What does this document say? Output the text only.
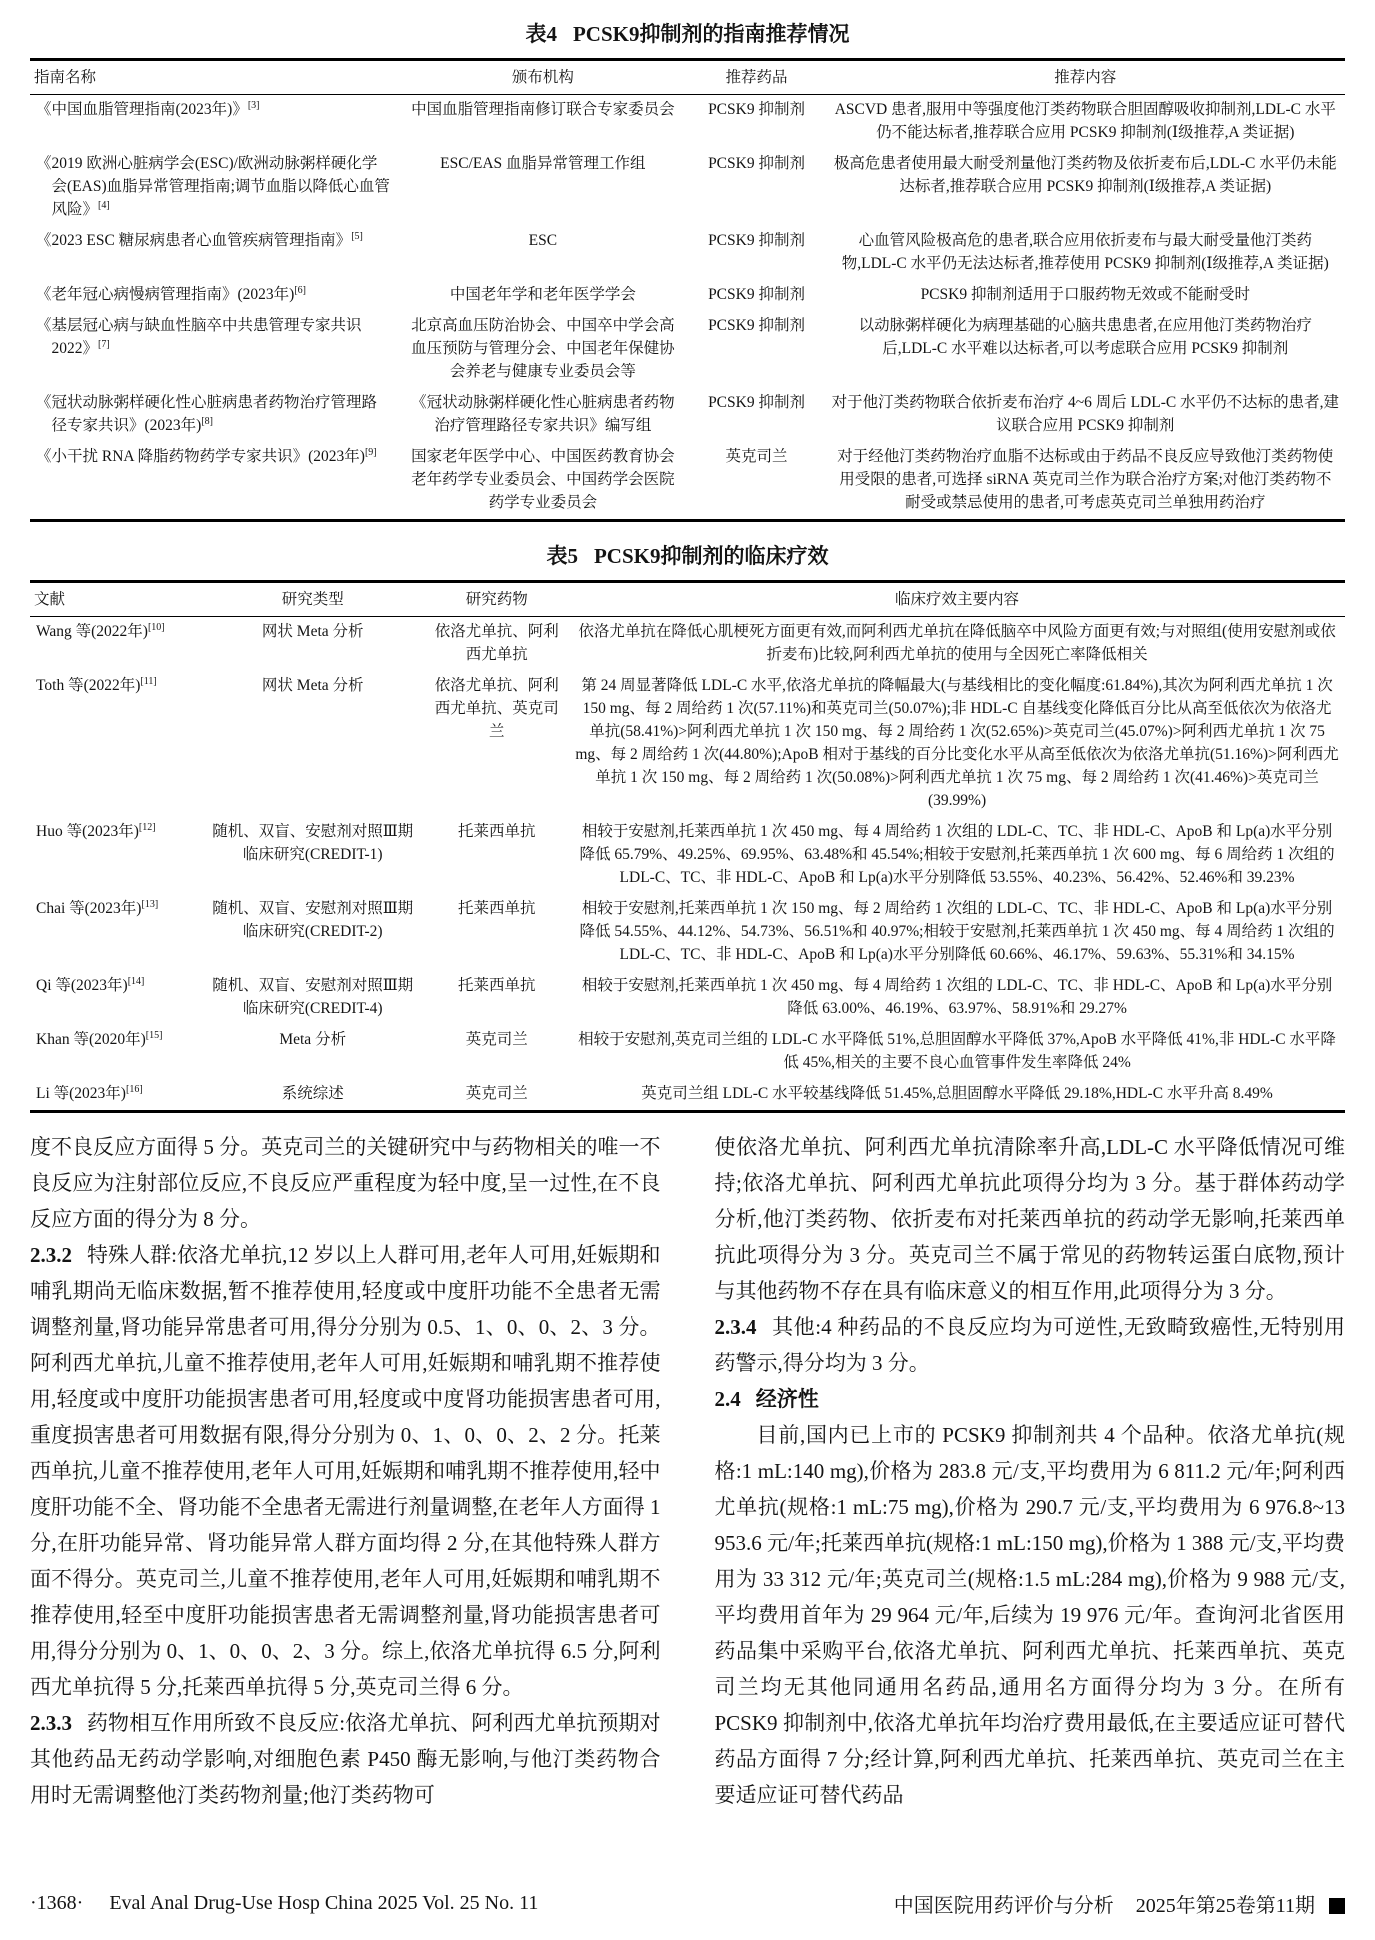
表4 PCSK9抑制剂的指南推荐情况
指南名称	颁布机构	推荐药品	推荐内容
《中国血脂管理指南(2023年)》[3]	中国血脂管理指南修订联合专家委员会	PCSK9 抑制剂	ASCVD 患者,服用中等强度他汀类药物联合胆固醇吸收抑制剂,LDL-C 水平仍不能达标者,推荐联合应用 PCSK9 抑制剂(Ⅰ级推荐,A 类证据)
《2019 欧洲心脏病学会(ESC)/欧洲动脉粥样硬化学会(EAS)血脂异常管理指南;调节血脂以降低心血管风险》[4]	ESC/EAS 血脂异常管理工作组	PCSK9 抑制剂	极高危患者使用最大耐受剂量他汀类药物及依折麦布后,LDL-C 水平仍未能达标者,推荐联合应用 PCSK9 抑制剂(Ⅰ级推荐,A 类证据)
《2023 ESC 糖尿病患者心血管疾病管理指南》[5]	ESC	PCSK9 抑制剂	心血管风险极高危的患者,联合应用依折麦布与最大耐受量他汀类药物,LDL-C 水平仍无法达标者,推荐使用 PCSK9 抑制剂(Ⅰ级推荐,A 类证据)
《老年冠心病慢病管理指南》(2023年)[6]	中国老年学和老年医学学会	PCSK9 抑制剂	PCSK9 抑制剂适用于口服药物无效或不能耐受时
《基层冠心病与缺血性脑卒中共患管理专家共识 2022》[7]	北京高血压防治协会、中国卒中学会高血压预防与管理分会、中国老年保健协会养老与健康专业委员会等	PCSK9 抑制剂	以动脉粥样硬化为病理基础的心脑共患患者,在应用他汀类药物治疗后,LDL-C 水平难以达标者,可以考虑联合应用 PCSK9 抑制剂
《冠状动脉粥样硬化性心脏病患者药物治疗管理路径专家共识》(2023年)[8]	《冠状动脉粥样硬化性心脏病患者药物治疗管理路径专家共识》编写组	PCSK9 抑制剂	对于他汀类药物联合依折麦布治疗 4~6 周后 LDL-C 水平仍不达标的患者,建议联合应用 PCSK9 抑制剂
《小干扰 RNA 降脂药物药学专家共识》(2023年)[9]	国家老年医学中心、中国医药教育协会老年药学专业委员会、中国药学会医院药学专业委员会	英克司兰	对于经他汀类药物治疗血脂不达标或由于药品不良反应导致他汀类药物使用受限的患者,可选择 siRNA 英克司兰作为联合治疗方案;对他汀类药物不耐受或禁忌使用的患者,可考虑英克司兰单独用药治疗
表5 PCSK9抑制剂的临床疗效
文献	研究类型	研究药物	临床疗效主要内容
Wang 等(2022年)[10]	网状 Meta 分析	依洛尤单抗、阿利西尤单抗	依洛尤单抗在降低心肌梗死方面更有效,而阿利西尤单抗在降低脑卒中风险方面更有效;与对照组(使用安慰剂或依折麦布)比较,阿利西尤单抗的使用与全因死亡率降低相关
Toth 等(2022年)[11]	网状 Meta 分析	依洛尤单抗、阿利西尤单抗、英克司兰	第 24 周显著降低 LDL-C 水平,依洛尤单抗的降幅最大(与基线相比的变化幅度:61.84%),其次为阿利西尤单抗 1 次 150 mg、每 2 周给药 1 次(57.11%)和英克司兰(50.07%);非 HDL-C 自基线变化降低百分比从高至低依次为依洛尤单抗(58.41%)>阿利西尤单抗 1 次 150 mg、每 2 周给药 1 次(52.65%)>英克司兰(45.07%)>阿利西尤单抗 1 次 75 mg、每 2 周给药 1 次(44.80%);ApoB 相对于基线的百分比变化水平从高至低依次为依洛尤单抗(51.16%)>阿利西尤单抗 1 次 150 mg、每 2 周给药 1 次(50.08%)>阿利西尤单抗 1 次 75 mg、每 2 周给药 1 次(41.46%)>英克司兰(39.99%)
Huo 等(2023年)[12]	随机、双盲、安慰剂对照Ⅲ期临床研究(CREDIT-1)	托莱西单抗	相较于安慰剂,托莱西单抗 1 次 450 mg、每 4 周给药 1 次组的 LDL-C、TC、非 HDL-C、ApoB 和 Lp(a)水平分别降低 65.79%、49.25%、69.95%、63.48%和 45.54%;相较于安慰剂,托莱西单抗 1 次 600 mg、每 6 周给药 1 次组的 LDL-C、TC、非 HDL-C、ApoB 和 Lp(a)水平分别降低 53.55%、40.23%、56.42%、52.46%和 39.23%
Chai 等(2023年)[13]	随机、双盲、安慰剂对照Ⅲ期临床研究(CREDIT-2)	托莱西单抗	相较于安慰剂,托莱西单抗 1 次 150 mg、每 2 周给药 1 次组的 LDL-C、TC、非 HDL-C、ApoB 和 Lp(a)水平分别降低 54.55%、44.12%、54.73%、56.51%和 40.97%;相较于安慰剂,托莱西单抗 1 次 450 mg、每 4 周给药 1 次组的 LDL-C、TC、非 HDL-C、ApoB 和 Lp(a)水平分别降低 60.66%、46.17%、59.63%、55.31%和 34.15%
Qi 等(2023年)[14]	随机、双盲、安慰剂对照Ⅲ期临床研究(CREDIT-4)	托莱西单抗	相较于安慰剂,托莱西单抗 1 次 450 mg、每 4 周给药 1 次组的 LDL-C、TC、非 HDL-C、ApoB 和 Lp(a)水平分别降低 63.00%、46.19%、63.97%、58.91%和 29.27%
Khan 等(2020年)[15]	Meta 分析	英克司兰	相较于安慰剂,英克司兰组的 LDL-C 水平降低 51%,总胆固醇水平降低 37%,ApoB 水平降低 41%,非 HDL-C 水平降低 45%,相关的主要不良心血管事件发生率降低 24%
Li 等(2023年)[16]	系统综述	英克司兰	英克司兰组 LDL-C 水平较基线降低 51.45%,总胆固醇水平降低 29.18%,HDL-C 水平升高 8.49%

度不良反应方面得 5 分。英克司兰的关键研究中与药物相关的唯一不良反应为注射部位反应,不良反应严重程度为轻中度,呈一过性,在不良反应方面的得分为 8 分。

2.3.2 特殊人群:依洛尤单抗,12 岁以上人群可用,老年人可用,妊娠期和哺乳期尚无临床数据,暂不推荐使用,轻度或中度肝功能不全患者无需调整剂量,肾功能异常患者可用,得分分别为 0.5、1、0、0、2、3 分。阿利西尤单抗,儿童不推荐使用,老年人可用,妊娠期和哺乳期不推荐使用,轻度或中度肝功能损害患者可用,轻度或中度肾功能损害患者可用,重度损害患者可用数据有限,得分分别为 0、1、0、0、2、2 分。托莱西单抗,儿童不推荐使用,老年人可用,妊娠期和哺乳期不推荐使用,轻中度肝功能不全、肾功能不全患者无需进行剂量调整,在老年人方面得 1 分,在肝功能异常、肾功能异常人群方面均得 2 分,在其他特殊人群方面不得分。英克司兰,儿童不推荐使用,老年人可用,妊娠期和哺乳期不推荐使用,轻至中度肝功能损害患者无需调整剂量,肾功能损害患者可用,得分分别为 0、1、0、0、2、3 分。综上,依洛尤单抗得 6.5 分,阿利西尤单抗得 5 分,托莱西单抗得 5 分,英克司兰得 6 分。

2.3.3 药物相互作用所致不良反应:依洛尤单抗、阿利西尤单抗预期对其他药品无药动学影响,对细胞色素 P450 酶无影响,与他汀类药物合用时无需调整他汀类药物剂量;他汀类药物可

使依洛尤单抗、阿利西尤单抗清除率升高,LDL-C 水平降低情况可维持;依洛尤单抗、阿利西尤单抗此项得分均为 3 分。基于群体药动学分析,他汀类药物、依折麦布对托莱西单抗的药动学无影响,托莱西单抗此项得分为 3 分。英克司兰不属于常见的药物转运蛋白底物,预计与其他药物不存在具有临床意义的相互作用,此项得分为 3 分。

2.3.4 其他:4 种药品的不良反应均为可逆性,无致畸致癌性,无特别用药警示,得分均为 3 分。

2.4 经济性

目前,国内已上市的 PCSK9 抑制剂共 4 个品种。依洛尤单抗(规格:1 mL:140 mg),价格为 283.8 元/支,平均费用为 6 811.2 元/年;阿利西尤单抗(规格:1 mL:75 mg),价格为 290.7 元/支,平均费用为 6 976.8~13 953.6 元/年;托莱西单抗(规格:1 mL:150 mg),价格为 1 388 元/支,平均费用为 33 312 元/年;英克司兰(规格:1.5 mL:284 mg),价格为 9 988 元/支,平均费用首年为 29 964 元/年,后续为 19 976 元/年。查询河北省医用药品集中采购平台,依洛尤单抗、阿利西尤单抗、托莱西单抗、英克司兰均无其他同通用名药品,通用名方面得分均为 3 分。在所有 PCSK9 抑制剂中,依洛尤单抗年均治疗费用最低,在主要适应证可替代药品方面得 7 分;经计算,阿利西尤单抗、托莱西单抗、英克司兰在主要适应证可替代药品

·1368· Eval Anal Drug-Use Hosp China 2025 Vol. 25 No. 11	中国医院用药评价与分析 2025年第25卷第11期
